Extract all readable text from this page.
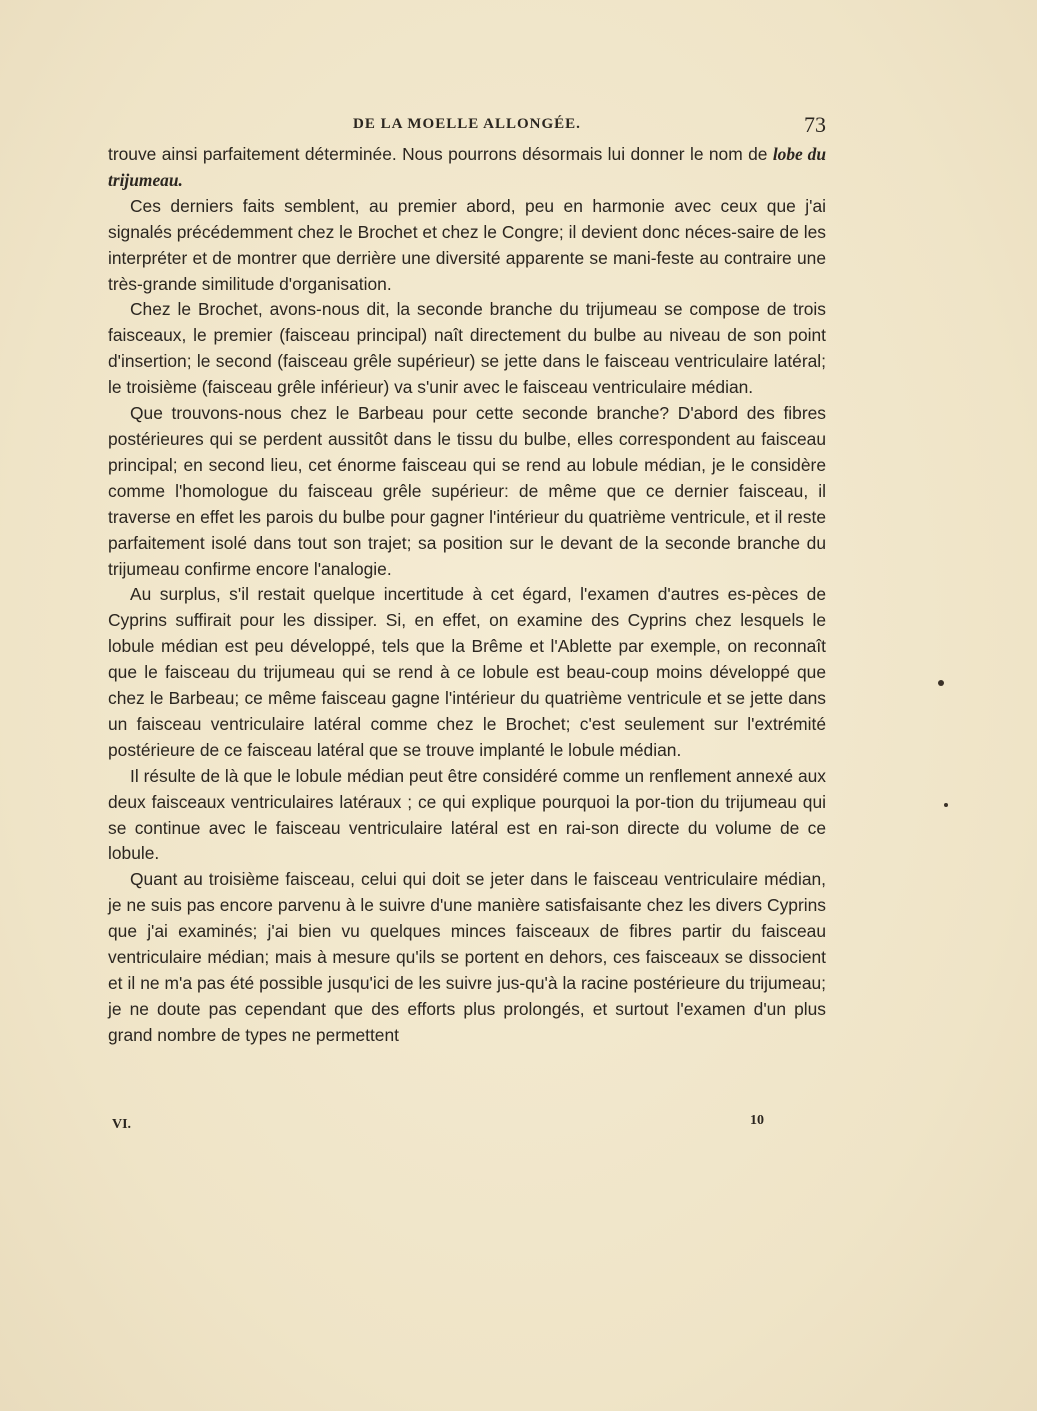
DE LA MOELLE ALLONGÉE.	73

trouve ainsi parfaitement déterminée. Nous pourrons désormais lui donner le nom de lobe du trijumeau.

Ces derniers faits semblent, au premier abord, peu en harmonie avec ceux que j'ai signalés précédemment chez le Brochet et chez le Congre; il devient donc néces-saire de les interpréter et de montrer que derrière une diversité apparente se mani-feste au contraire une très-grande similitude d'organisation.

Chez le Brochet, avons-nous dit, la seconde branche du trijumeau se compose de trois faisceaux, le premier (faisceau principal) naît directement du bulbe au niveau de son point d'insertion; le second (faisceau grêle supérieur) se jette dans le faisceau ventriculaire latéral; le troisième (faisceau grêle inférieur) va s'unir avec le faisceau ventriculaire médian.

Que trouvons-nous chez le Barbeau pour cette seconde branche? D'abord des fibres postérieures qui se perdent aussitôt dans le tissu du bulbe, elles correspondent au faisceau principal; en second lieu, cet énorme faisceau qui se rend au lobule médian, je le considère comme l'homologue du faisceau grêle supérieur: de même que ce dernier faisceau, il traverse en effet les parois du bulbe pour gagner l'intérieur du quatrième ventricule, et il reste parfaitement isolé dans tout son trajet; sa position sur le devant de la seconde branche du trijumeau confirme encore l'analogie.

Au surplus, s'il restait quelque incertitude à cet égard, l'examen d'autres es-pèces de Cyprins suffirait pour les dissiper. Si, en effet, on examine des Cyprins chez lesquels le lobule médian est peu développé, tels que la Brême et l'Ablette par exemple, on reconnaît que le faisceau du trijumeau qui se rend à ce lobule est beau-coup moins développé que chez le Barbeau; ce même faisceau gagne l'intérieur du quatrième ventricule et se jette dans un faisceau ventriculaire latéral comme chez le Brochet; c'est seulement sur l'extrémité postérieure de ce faisceau latéral que se trouve implanté le lobule médian.

Il résulte de là que le lobule médian peut être considéré comme un renflement annexé aux deux faisceaux ventriculaires latéraux ; ce qui explique pourquoi la por-tion du trijumeau qui se continue avec le faisceau ventriculaire latéral est en rai-son directe du volume de ce lobule.

Quant au troisième faisceau, celui qui doit se jeter dans le faisceau ventriculaire médian, je ne suis pas encore parvenu à le suivre d'une manière satisfaisante chez les divers Cyprins que j'ai examinés; j'ai bien vu quelques minces faisceaux de fibres partir du faisceau ventriculaire médian; mais à mesure qu'ils se portent en dehors, ces faisceaux se dissocient et il ne m'a pas été possible jusqu'ici de les suivre jus-qu'à la racine postérieure du trijumeau; je ne doute pas cependant que des efforts plus prolongés, et surtout l'examen d'un plus grand nombre de types ne permettent

VI.	10
